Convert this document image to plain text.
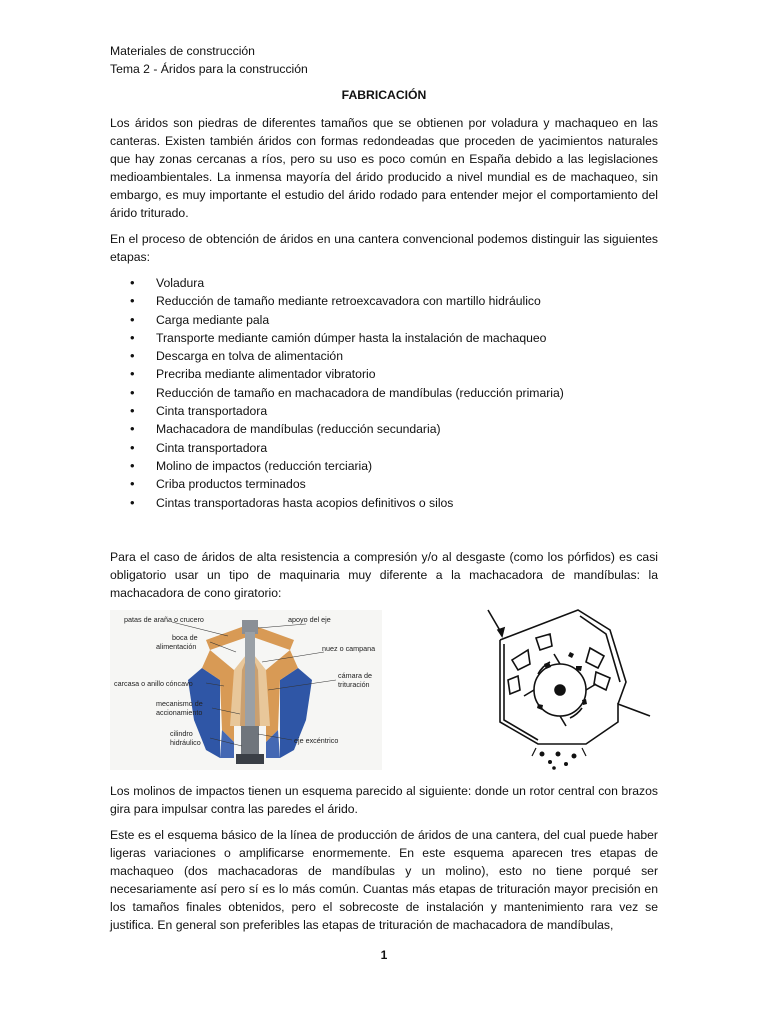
Materiales de construcción
Tema 2 - Áridos para la construcción
FABRICACIÓN

Los áridos son piedras de diferentes tamaños que se obtienen por voladura y machaqueo en las canteras. Existen también áridos con formas redondeadas que proceden de yacimientos naturales que hay zonas cercanas a ríos, pero su uso es poco común en España debido a las legislaciones medioambientales. La inmensa mayoría del árido producido a nivel mundial es de machaqueo, sin embargo, es muy importante el estudio del árido rodado para entender mejor el comportamiento del árido triturado.

En el proceso de obtención de áridos en una cantera convencional podemos distinguir las siguientes etapas:

• Voladura
• Reducción de tamaño mediante retroexcavadora con martillo hidráulico
• Carga mediante pala
• Transporte mediante camión dúmper hasta la instalación de machaqueo
• Descarga en tolva de alimentación
• Precriba mediante alimentador vibratorio
• Reducción de tamaño en machacadora de mandíbulas (reducción primaria)
• Cinta transportadora
• Machacadora de mandíbulas (reducción secundaria)
• Cinta transportadora
• Molino de impactos (reducción terciaria)
• Criba productos terminados
• Cintas transportadoras hasta acopios definitivos o silos

Para el caso de áridos de alta resistencia a compresión y/o al desgaste (como los pórfidos) es casi obligatorio usar un tipo de maquinaria muy diferente a la machacadora de mandíbulas: la machacadora de cono giratorio:

patas de araña o crucero	apoyo del eje
boca de
alimentación	nuez o campana
carcasa o anillo cóncavo
cámara de
trituración
mecanismo de
accionamiento
cilindro
hidráulico	eje excéntrico

Los molinos de impactos tienen un esquema parecido al siguiente: donde un rotor central con brazos gira para impulsar contra las paredes el árido.

Este es el esquema básico de la línea de producción de áridos de una cantera, del cual puede haber ligeras variaciones o amplificarse enormemente. En este esquema aparecen tres etapas de machaqueo (dos machacadoras de mandíbulas y un molino), esto no tiene porqué ser necesariamente así pero sí es lo más común. Cuantas más etapas de trituración mayor precisión en los tamaños finales obtenidos, pero el sobrecoste de instalación y mantenimiento rara vez se justifica. En general son preferibles las etapas de trituración de machacadora de mandíbulas,

1
